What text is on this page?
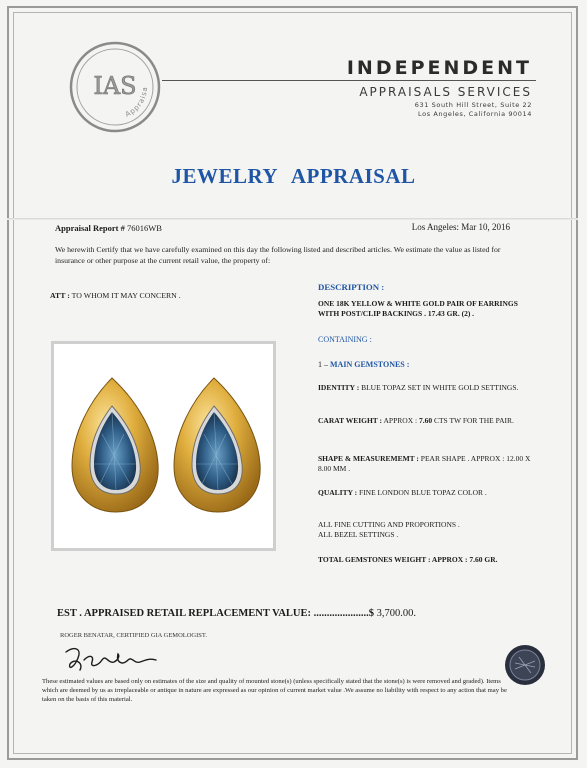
IAS
Appraisa
INDEPENDENT
APPRAISALS SERVICES
631 South Hill Street, Suite 22
Los Angeles, California 90014
JEWELRY APPRAISAL
Appraisal Report # 76016WB	Los Angeles: Mar 10, 2016
We herewith Certify that we have carefully examined on this day the following listed and described articles. We estimate the value as listed for insurance or other purpose at the current retail value, the property of:
ATT : TO WHOM IT MAY CONCERN .
DESCRIPTION :
ONE 18K YELLOW & WHITE GOLD PAIR OF EARRINGS WITH POST/CLIP BACKINGS . 17.43 GR. (2) .
CONTAINING :
1 – MAIN GEMSTONES :
IDENTITY : BLUE TOPAZ SET IN WHITE GOLD SETTINGS.
CARAT WEIGHT : APPROX : 7.60 CTS TW FOR THE PAIR.
SHAPE & MEASUREMEMT : PEAR SHAPE . APPROX : 12.00 X 8.00 MM .
QUALITY : FINE LONDON BLUE TOPAZ COLOR .
ALL FINE CUTTING AND PROPORTIONS .
ALL BEZEL SETTINGS .
TOTAL GEMSTONES WEIGHT : APPROX : 7.60 GR.
EST . APPRAISED RETAIL REPLACEMENT VALUE: .....................$ 3,700.00.
ROGER BENATAR, CERTIFIED GIA GEMOLOGIST.
These estimated values are based only on estimates of the size and quality of mounted stone(s) (unless specifically stated that the stone(s) is were removed and graded). Items which are deemed by us as irreplaceable or antique in nature are expressed as our opinion of current market value .We assume no liability with respect to any action that may be taken on the basis of this material.
